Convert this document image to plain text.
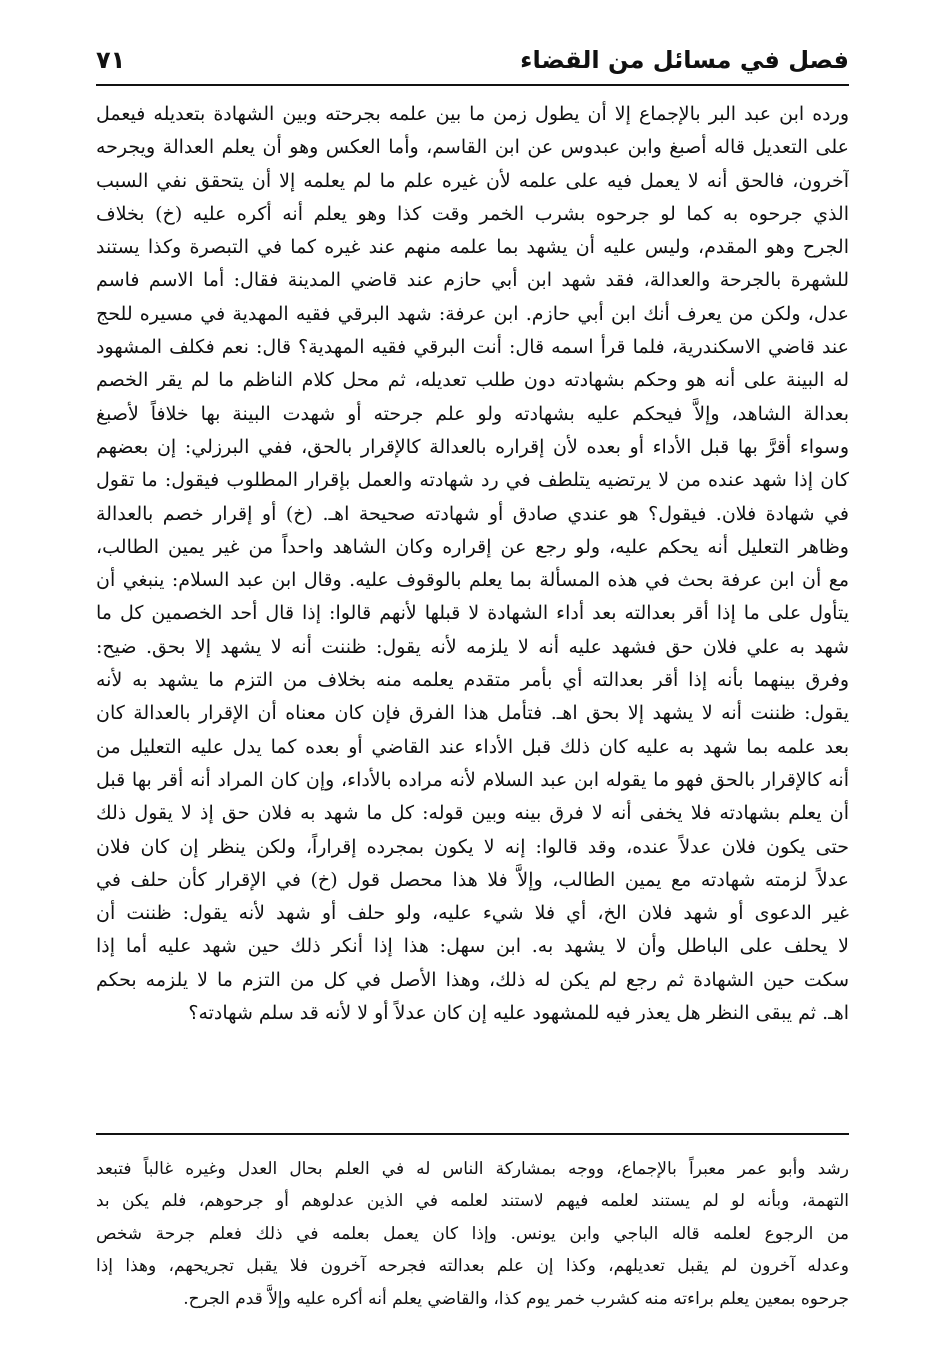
فصل في مسائل من القضاء
٧١
ورده ابن عبد البر بالإجماع إلا أن يطول زمن ما بين علمه بجرحته وبين الشهادة بتعديله فيعمل
على التعديل قاله أصبغ وابن عبدوس عن ابن القاسم، وأما العكس وهو أن يعلم العدالة ويجرحه
آخرون، فالحق أنه لا يعمل فيه على علمه لأن غيره علم ما لم يعلمه إلا أن يتحقق نفي السبب
الذي جرحوه به كما لو جرحوه بشرب الخمر وقت كذا وهو يعلم أنه أكره عليه (خ) بخلاف
الجرح وهو المقدم، وليس عليه أن يشهد بما علمه منهم عند غيره كما في التبصرة وكذا يستند
للشهرة بالجرحة والعدالة، فقد شهد ابن أبي حازم عند قاضي المدينة فقال: أما الاسم فاسم
عدل، ولكن من يعرف أنك ابن أبي حازم. ابن عرفة: شهد البرقي فقيه المهدية في مسيره للحج
عند قاضي الاسكندرية، فلما قرأ اسمه قال: أنت البرقي فقيه المهدية؟ قال: نعم فكلف المشهود
له البينة على أنه هو وحكم بشهادته دون طلب تعديله، ثم محل كلام الناظم ما لم يقر الخصم
بعدالة الشاهد، وإلاَّ فيحكم عليه بشهادته ولو علم جرحته أو شهدت البينة بها خلافاً لأصبغ
وسواء أقرَّ بها قبل الأداء أو بعده لأن إقراره بالعدالة كالإقرار بالحق، ففي البرزلي: إن بعضهم
كان إذا شهد عنده من لا يرتضيه يتلطف في رد شهادته والعمل بإقرار المطلوب فيقول: ما تقول
في شهادة فلان. فيقول؟ هو عندي صادق أو شهادته صحيحة اهـ. (خ) أو إقرار خصم بالعدالة
وظاهر التعليل أنه يحكم عليه، ولو رجع عن إقراره وكان الشاهد واحداً من غير يمين الطالب،
مع أن ابن عرفة بحث في هذه المسألة بما يعلم بالوقوف عليه. وقال ابن عبد السلام: ينبغي أن
يتأول على ما إذا أقر بعدالته بعد أداء الشهادة لا قبلها لأنهم قالوا: إذا قال أحد الخصمين كل ما
شهد به علي فلان حق فشهد عليه أنه لا يلزمه لأنه يقول: ظننت أنه لا يشهد إلا بحق. ضيح:
وفرق بينهما بأنه إذا أقر بعدالته أي بأمر متقدم يعلمه منه بخلاف من التزم ما يشهد به لأنه
يقول: ظننت أنه لا يشهد إلا بحق اهـ. فتأمل هذا الفرق فإن كان معناه أن الإقرار بالعدالة كان
بعد علمه بما شهد به عليه كان ذلك قبل الأداء عند القاضي أو بعده كما يدل عليه التعليل من
أنه كالإقرار بالحق فهو ما يقوله ابن عبد السلام لأنه مراده بالأداء، وإن كان المراد أنه أقر بها قبل
أن يعلم بشهادته فلا يخفى أنه لا فرق بينه وبين قوله: كل ما شهد به فلان حق إذ لا يقول ذلك
حتى يكون فلان عدلاً عنده، وقد قالوا: إنه لا يكون بمجرده إقراراً، ولكن ينظر إن كان فلان
عدلاً لزمته شهادته مع يمين الطالب، وإلاَّ فلا هذا محصل قول (خ) في الإقرار كأن حلف في
غير الدعوى أو شهد فلان الخ، أي فلا شيء عليه، ولو حلف أو شهد لأنه يقول: ظننت أن
لا يحلف على الباطل وأن لا يشهد به. ابن سهل: هذا إذا أنكر ذلك حين شهد عليه أما إذا
سكت حين الشهادة ثم رجع لم يكن له ذلك، وهذا الأصل في كل من التزم ما لا يلزمه بحكم
اهـ. ثم يبقى النظر هل يعذر فيه للمشهود عليه إن كان عدلاً أو لا لأنه قد سلم شهادته؟
رشد وأبو عمر معبراً بالإجماع، ووجه بمشاركة الناس له في العلم بحال العدل وغيره غالباً فتبعد
التهمة، وبأنه لو لم يستند لعلمه فيهم لاستند لعلمه في الذين عدلوهم أو جرحوهم، فلم يكن بد
من الرجوع لعلمه قاله الباجي وابن يونس. وإذا كان يعمل بعلمه في ذلك فعلم جرحة شخص
وعدله آخرون لم يقبل تعديلهم، وكذا إن علم بعدالته فجرحه آخرون فلا يقبل تجريحهم، وهذا إذا
جرحوه بمعين يعلم براءته منه كشرب خمر يوم كذا، والقاضي يعلم أنه أكره عليه وإلاَّ قدم الجرح.
